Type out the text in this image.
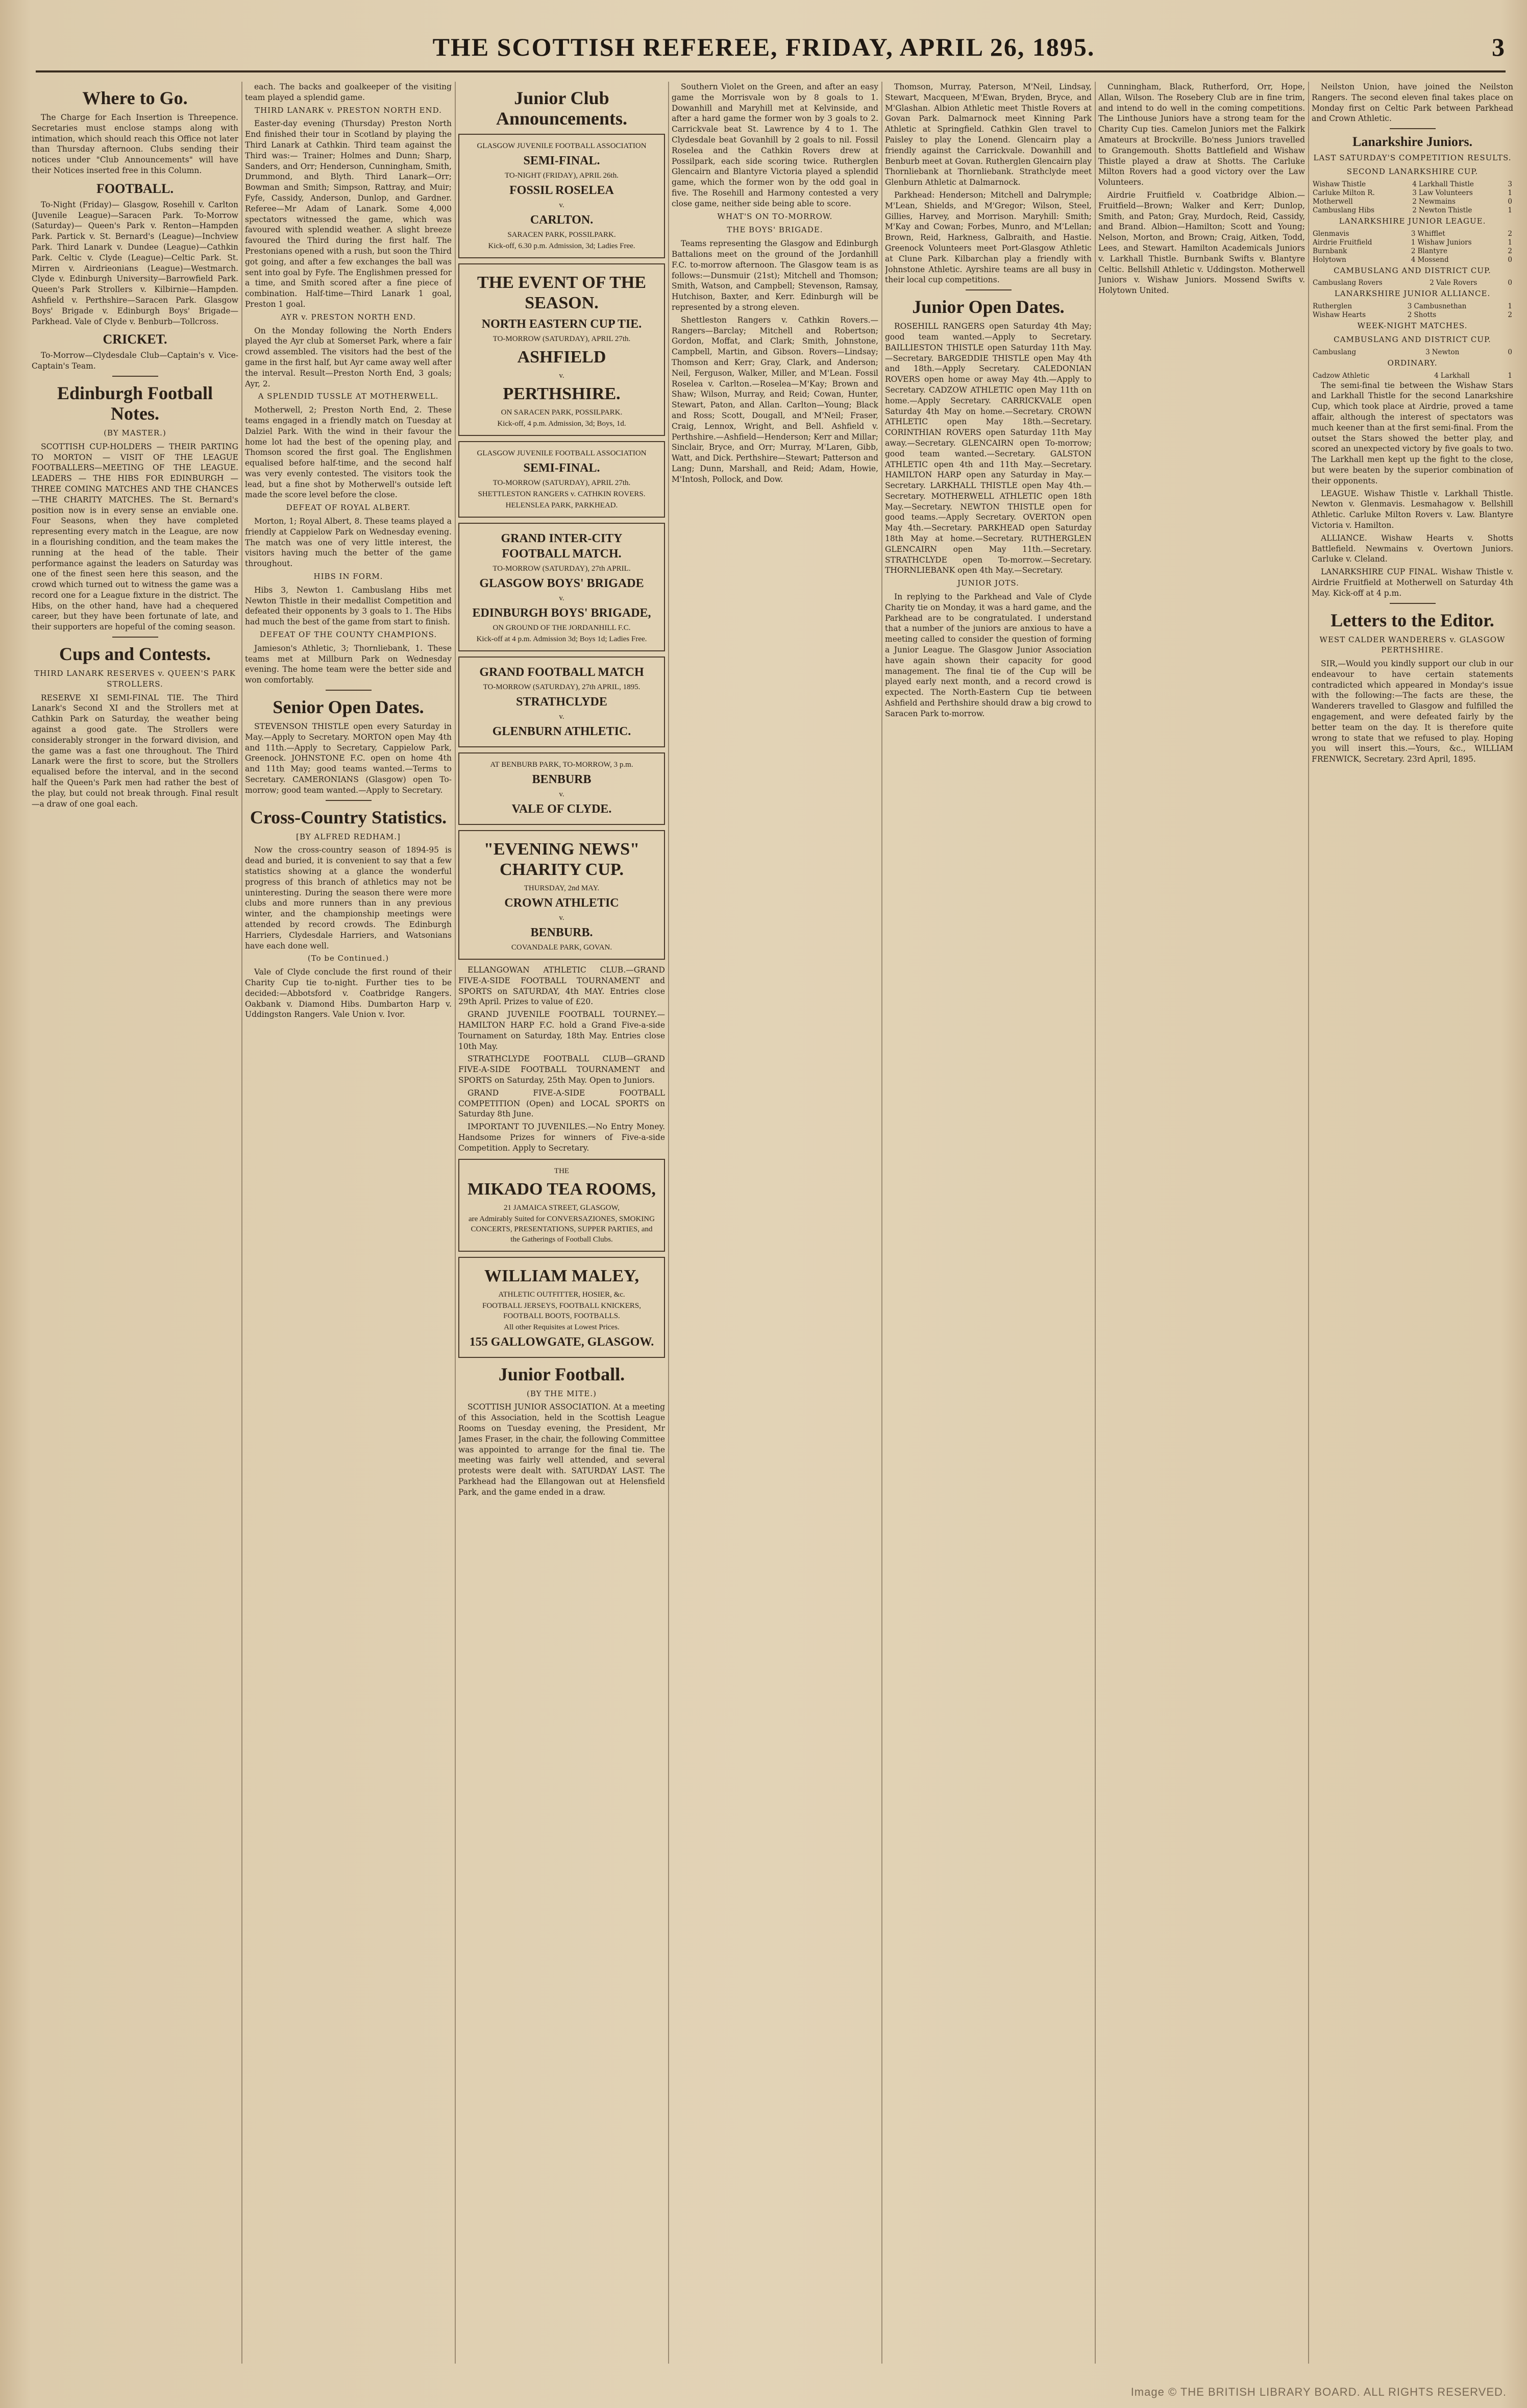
THE SCOTTISH REFEREE, FRIDAY, APRIL 26, 1895.	3
Where to Go.

The Charge for Each Insertion is Threepence. Secretaries must enclose stamps along with intimation, which should reach this Office not later than Thursday afternoon. Clubs sending their notices under "Club Announcements" will have their Notices inserted free in this Column.

FOOTBALL.

To-Night (Friday)— Glasgow, Rosehill v. Carlton (Juvenile League)—Saracen Park. To-Morrow (Saturday)— Queen's Park v. Renton—Hampden Park. Partick v. St. Bernard's (League)—Inchview Park. Third Lanark v. Dundee (League)—Cathkin Park. Celtic v. Clyde (League)—Celtic Park. St. Mirren v. Airdrieonians (League)—Westmarch. Clyde v. Edinburgh University—Barrowfield Park. Queen's Park Strollers v. Kilbirnie—Hampden. Ashfield v. Perthshire—Saracen Park. Glasgow Boys' Brigade v. Edinburgh Boys' Brigade—Parkhead. Vale of Clyde v. Benburb—Tollcross.

CRICKET.

To-Morrow—Clydesdale Club—Captain's v. Vice-Captain's Team.

Edinburgh Football Notes.
(BY MASTER.)

SCOTTISH CUP-HOLDERS — THEIR PARTING TO MORTON — VISIT OF THE LEAGUE FOOTBALLERS—MEETING OF THE LEAGUE. LEADERS — THE HIBS FOR EDINBURGH — THREE COMING MATCHES AND THE CHANCES—THE CHARITY MATCHES. The St. Bernard's position now is in every sense an enviable one. Four Seasons, when they have completed representing every match in the League, are now in a flourishing condition, and the team makes the running at the head of the table. Their performance against the leaders on Saturday was one of the finest seen here this season, and the crowd which turned out to witness the game was a record one for a League fixture in the district. The Hibs, on the other hand, have had a chequered career, but they have been fortunate of late, and their supporters are hopeful of the coming season.

Cups and Contests.
THIRD LANARK RESERVES v. QUEEN'S PARK STROLLERS.

RESERVE XI SEMI-FINAL TIE. The Third Lanark's Second XI and the Strollers met at Cathkin Park on Saturday, the weather being against a good gate. The Strollers were considerably stronger in the forward division, and the game was a fast one throughout. The Third Lanark were the first to score, but the Strollers equalised before the interval, and in the second half the Queen's Park men had rather the best of the play, but could not break through. Final result—a draw of one goal each.

each. The backs and goalkeeper of the visiting team played a splendid game.

THIRD LANARK v. PRESTON NORTH END.

Easter-day evening (Thursday) Preston North End finished their tour in Scotland by playing the Third Lanark at Cathkin. Third team against the Third was:— Trainer; Holmes and Dunn; Sharp, Sanders, and Orr; Henderson, Cunningham, Smith, Drummond, and Blyth. Third Lanark—Orr; Bowman and Smith; Simpson, Rattray, and Muir; Fyfe, Cassidy, Anderson, Dunlop, and Gardner. Referee—Mr Adam of Lanark. Some 4,000 spectators witnessed the game, which was favoured with splendid weather. A slight breeze favoured the Third during the first half. The Prestonians opened with a rush, but soon the Third got going, and after a few exchanges the ball was sent into goal by Fyfe. The Englishmen pressed for a time, and Smith scored after a fine piece of combination. Half-time—Third Lanark 1 goal, Preston 1 goal.

AYR v. PRESTON NORTH END.

On the Monday following the North Enders played the Ayr club at Somerset Park, where a fair crowd assembled. The visitors had the best of the game in the first half, but Ayr came away well after the interval. Result—Preston North End, 3 goals; Ayr, 2.

A SPLENDID TUSSLE AT MOTHERWELL.

Motherwell, 2; Preston North End, 2. These teams engaged in a friendly match on Tuesday at Dalziel Park. With the wind in their favour the home lot had the best of the opening play, and Thomson scored the first goal. The Englishmen equalised before half-time, and the second half was very evenly contested. The visitors took the lead, but a fine shot by Motherwell's outside left made the score level before the close.

DEFEAT OF ROYAL ALBERT.

Morton, 1; Royal Albert, 8. These teams played a friendly at Cappielow Park on Wednesday evening. The match was one of very little interest, the visitors having much the better of the game throughout.

HIBS IN FORM.

Hibs 3, Newton 1. Cambuslang Hibs met Newton Thistle in their medallist Competition and defeated their opponents by 3 goals to 1. The Hibs had much the best of the game from start to finish.

DEFEAT OF THE COUNTY CHAMPIONS.

Jamieson's Athletic, 3; Thornliebank, 1. These teams met at Millburn Park on Wednesday evening. The home team were the better side and won comfortably.

Senior Open Dates.

STEVENSON THISTLE open every Saturday in May.—Apply to Secretary. MORTON open May 4th and 11th.—Apply to Secretary, Cappielow Park, Greenock. JOHNSTONE F.C. open on home 4th and 11th May; good teams wanted.—Terms to Secretary. CAMERONIANS (Glasgow) open To-morrow; good team wanted.—Apply to Secretary.

Cross-Country Statistics.
[BY ALFRED REDHAM.]

Now the cross-country season of 1894-95 is dead and buried, it is convenient to say that a few statistics showing at a glance the wonderful progress of this branch of athletics may not be uninteresting. During the season there were more clubs and more runners than in any previous winter, and the championship meetings were attended by record crowds. The Edinburgh Harriers, Clydesdale Harriers, and Watsonians have each done well.

(To be Continued.)

Vale of Clyde conclude the first round of their Charity Cup tie to-night. Further ties to be decided:—Abbotsford v. Coatbridge Rangers. Oakbank v. Diamond Hibs. Dumbarton Harp v. Uddingston Rangers. Vale Union v. Ivor.

Junior Club Announcements.
GLASGOW JUVENILE FOOTBALL ASSOCIATION
SEMI-FINAL.
TO-NIGHT (FRIDAY), APRIL 26th.
FOSSIL ROSELEA
v.
CARLTON.
SARACEN PARK, POSSILPARK.
Kick-off, 6.30 p.m. Admission, 3d; Ladies Free.
THE EVENT OF THE SEASON.
NORTH EASTERN CUP TIE.
TO-MORROW (SATURDAY), APRIL 27th.
ASHFIELD
v.
PERTHSHIRE.
ON SARACEN PARK, POSSILPARK.
Kick-off, 4 p.m. Admission, 3d; Boys, 1d.
GLASGOW JUVENILE FOOTBALL ASSOCIATION
SEMI-FINAL.
TO-MORROW (SATURDAY), APRIL 27th.
SHETTLESTON RANGERS v. CATHKIN ROVERS.
HELENSLEA PARK, PARKHEAD.
GRAND INTER-CITY FOOTBALL MATCH.
TO-MORROW (SATURDAY), 27th APRIL.
GLASGOW BOYS' BRIGADE
v.
EDINBURGH BOYS' BRIGADE,
ON GROUND OF THE JORDANHILL F.C.
Kick-off at 4 p.m. Admission 3d; Boys 1d; Ladies Free.
GRAND FOOTBALL MATCH
TO-MORROW (SATURDAY), 27th APRIL, 1895.
STRATHCLYDE
v.
GLENBURN ATHLETIC.
AT BENBURB PARK, TO-MORROW, 3 p.m.
BENBURB
v.
VALE OF CLYDE.
"EVENING NEWS" CHARITY CUP.
THURSDAY, 2nd MAY.
CROWN ATHLETIC
v.
BENBURB.
COVANDALE PARK, GOVAN.

ELLANGOWAN ATHLETIC CLUB.—GRAND FIVE-A-SIDE FOOTBALL TOURNAMENT and SPORTS on SATURDAY, 4th MAY. Entries close 29th April. Prizes to value of £20.

GRAND JUVENILE FOOTBALL TOURNEY.—HAMILTON HARP F.C. hold a Grand Five-a-side Tournament on Saturday, 18th May. Entries close 10th May.

STRATHCLYDE FOOTBALL CLUB—GRAND FIVE-A-SIDE FOOTBALL TOURNAMENT and SPORTS on Saturday, 25th May. Open to Juniors.

GRAND FIVE-A-SIDE FOOTBALL COMPETITION (Open) and LOCAL SPORTS on Saturday 8th June.

IMPORTANT TO JUVENILES.—No Entry Money. Handsome Prizes for winners of Five-a-side Competition. Apply to Secretary.

THE
MIKADO TEA ROOMS,
21 JAMAICA STREET, GLASGOW,
are Admirably Suited for CONVERSAZIONES, SMOKING CONCERTS, PRESENTATIONS, SUPPER PARTIES, and the Gatherings of Football Clubs.
WILLIAM MALEY,
ATHLETIC OUTFITTER, HOSIER, &c.
FOOTBALL JERSEYS, FOOTBALL KNICKERS, FOOTBALL BOOTS, FOOTBALLS.
All other Requisites at Lowest Prices.
155 GALLOWGATE, GLASGOW.
Junior Football.
(BY THE MITE.)

SCOTTISH JUNIOR ASSOCIATION. At a meeting of this Association, held in the Scottish League Rooms on Tuesday evening, the President, Mr James Fraser, in the chair, the following Committee was appointed to arrange for the final tie. The meeting was fairly well attended, and several protests were dealt with. SATURDAY LAST. The Parkhead had the Ellangowan out at Helensfield Park, and the game ended in a draw.

Southern Violet on the Green, and after an easy game the Morrisvale won by 8 goals to 1. Dowanhill and Maryhill met at Kelvinside, and after a hard game the former won by 3 goals to 2. Carrickvale beat St. Lawrence by 4 to 1. The Clydesdale beat Govanhill by 2 goals to nil. Fossil Roselea and the Cathkin Rovers drew at Possilpark, each side scoring twice. Rutherglen Glencairn and Blantyre Victoria played a splendid game, which the former won by the odd goal in five. The Rosehill and Harmony contested a very close game, neither side being able to score.

WHAT'S ON TO-MORROW.
THE BOYS' BRIGADE.

Teams representing the Glasgow and Edinburgh Battalions meet on the ground of the Jordanhill F.C. to-morrow afternoon. The Glasgow team is as follows:—Dunsmuir (21st); Mitchell and Thomson; Smith, Watson, and Campbell; Stevenson, Ramsay, Hutchison, Baxter, and Kerr. Edinburgh will be represented by a strong eleven.

Shettleston Rangers v. Cathkin Rovers.—Rangers—Barclay; Mitchell and Robertson; Gordon, Moffat, and Clark; Smith, Johnstone, Campbell, Martin, and Gibson. Rovers—Lindsay; Thomson and Kerr; Gray, Clark, and Anderson; Neil, Ferguson, Walker, Miller, and M'Lean. Fossil Roselea v. Carlton.—Roselea—M'Kay; Brown and Shaw; Wilson, Murray, and Reid; Cowan, Hunter, Stewart, Paton, and Allan. Carlton—Young; Black and Ross; Scott, Dougall, and M'Neil; Fraser, Craig, Lennox, Wright, and Bell. Ashfield v. Perthshire.—Ashfield—Henderson; Kerr and Millar; Sinclair, Bryce, and Orr; Murray, M'Laren, Gibb, Watt, and Dick. Perthshire—Stewart; Patterson and Lang; Dunn, Marshall, and Reid; Adam, Howie, M'Intosh, Pollock, and Dow.

Thomson, Murray, Paterson, M'Neil, Lindsay, Stewart, Macqueen, M'Ewan, Bryden, Bryce, and M'Glashan. Albion Athletic meet Thistle Rovers at Govan Park. Dalmarnock meet Kinning Park Athletic at Springfield. Cathkin Glen travel to Paisley to play the Lonend. Glencairn play a friendly against the Carrickvale. Dowanhill and Benburb meet at Govan. Rutherglen Glencairn play Thornliebank at Thornliebank. Strathclyde meet Glenburn Athletic at Dalmarnock.

Parkhead: Henderson; Mitchell and Dalrymple; M'Lean, Shields, and M'Gregor; Wilson, Steel, Gillies, Harvey, and Morrison. Maryhill: Smith; M'Kay and Cowan; Forbes, Munro, and M'Lellan; Brown, Reid, Harkness, Galbraith, and Hastie. Greenock Volunteers meet Port-Glasgow Athletic at Clune Park. Kilbarchan play a friendly with Johnstone Athletic. Ayrshire teams are all busy in their local cup competitions.

Junior Open Dates.

ROSEHILL RANGERS open Saturday 4th May; good team wanted.—Apply to Secretary. BAILLIESTON THISTLE open Saturday 11th May.—Secretary. BARGEDDIE THISTLE open May 4th and 18th.—Apply Secretary. CALEDONIAN ROVERS open home or away May 4th.—Apply to Secretary. CADZOW ATHLETIC open May 11th on home.—Apply Secretary. CARRICKVALE open Saturday 4th May on home.—Secretary. CROWN ATHLETIC open May 18th.—Secretary. CORINTHIAN ROVERS open Saturday 11th May away.—Secretary. GLENCAIRN open To-morrow; good team wanted.—Secretary. GALSTON ATHLETIC open 4th and 11th May.—Secretary. HAMILTON HARP open any Saturday in May.—Secretary. LARKHALL THISTLE open May 4th.—Secretary. MOTHERWELL ATHLETIC open 18th May.—Secretary. NEWTON THISTLE open for good teams.—Apply Secretary. OVERTON open May 4th.—Secretary. PARKHEAD open Saturday 18th May at home.—Secretary. RUTHERGLEN GLENCAIRN open May 11th.—Secretary. STRATHCLYDE open To-morrow.—Secretary. THORNLIEBANK open 4th May.—Secretary.

JUNIOR JOTS.

In replying to the Parkhead and Vale of Clyde Charity tie on Monday, it was a hard game, and the Parkhead are to be congratulated. I understand that a number of the juniors are anxious to have a meeting called to consider the question of forming a Junior League. The Glasgow Junior Association have again shown their capacity for good management. The final tie of the Cup will be played early next month, and a record crowd is expected. The North-Eastern Cup tie between Ashfield and Perthshire should draw a big crowd to Saracen Park to-morrow.

Cunningham, Black, Rutherford, Orr, Hope, Allan, Wilson. The Rosebery Club are in fine trim, and intend to do well in the coming competitions. The Linthouse Juniors have a strong team for the Charity Cup ties. Camelon Juniors met the Falkirk Amateurs at Brockville. Bo'ness Juniors travelled to Grangemouth. Shotts Battlefield and Wishaw Thistle played a draw at Shotts. The Carluke Milton Rovers had a good victory over the Law Volunteers.

Airdrie Fruitfield v. Coatbridge Albion.—Fruitfield—Brown; Walker and Kerr; Dunlop, Smith, and Paton; Gray, Murdoch, Reid, Cassidy, and Brand. Albion—Hamilton; Scott and Young; Nelson, Morton, and Brown; Craig, Aitken, Todd, Lees, and Stewart. Hamilton Academicals Juniors v. Larkhall Thistle. Burnbank Swifts v. Blantyre Celtic. Bellshill Athletic v. Uddingston. Motherwell Juniors v. Wishaw Juniors. Mossend Swifts v. Holytown United.

Neilston Union, have joined the Neilston Rangers. The second eleven final takes place on Monday first on Celtic Park between Parkhead and Crown Athletic.

Lanarkshire Juniors.
LAST SATURDAY'S COMPETITION RESULTS.
SECOND LANARKSHIRE CUP.
Wishaw Thistle	4	Larkhall Thistle	3
Carluke Milton R.	3	Law Volunteers	1
Motherwell	2	Newmains	0
Cambuslang Hibs	2	Newton Thistle	1
LANARKSHIRE JUNIOR LEAGUE.
Glenmavis	3	Whifflet	2
Airdrie Fruitfield	1	Wishaw Juniors	1
Burnbank	2	Blantyre	2
Holytown	4	Mossend	0
CAMBUSLANG AND DISTRICT CUP.
Cambuslang Rovers	2	Vale Rovers	0
LANARKSHIRE JUNIOR ALLIANCE.
Rutherglen	3	Cambusnethan	1
Wishaw Hearts	2	Shotts	2
WEEK-NIGHT MATCHES.
CAMBUSLANG AND DISTRICT CUP.
Cambuslang	3	Newton	0
ORDINARY.
Cadzow Athletic	4	Larkhall	1

The semi-final tie between the Wishaw Stars and Larkhall Thistle for the second Lanarkshire Cup, which took place at Airdrie, proved a tame affair, although the interest of spectators was much keener than at the first semi-final. From the outset the Stars showed the better play, and scored an unexpected victory by five goals to two. The Larkhall men kept up the fight to the close, but were beaten by the superior combination of their opponents.

LEAGUE. Wishaw Thistle v. Larkhall Thistle. Newton v. Glenmavis. Lesmahagow v. Bellshill Athletic. Carluke Milton Rovers v. Law. Blantyre Victoria v. Hamilton.

ALLIANCE. Wishaw Hearts v. Shotts Battlefield. Newmains v. Overtown Juniors. Carluke v. Cleland.

LANARKSHIRE CUP FINAL. Wishaw Thistle v. Airdrie Fruitfield at Motherwell on Saturday 4th May. Kick-off at 4 p.m.

Letters to the Editor.
WEST CALDER WANDERERS v. GLASGOW PERTHSHIRE.

SIR,—Would you kindly support our club in our endeavour to have certain statements contradicted which appeared in Monday's issue with the following:—The facts are these, the Wanderers travelled to Glasgow and fulfilled the engagement, and were defeated fairly by the better team on the day. It is therefore quite wrong to state that we refused to play. Hoping you will insert this.—Yours, &c., WILLIAM FRENWICK, Secretary. 23rd April, 1895.

Image © THE BRITISH LIBRARY BOARD. ALL RIGHTS RESERVED.
